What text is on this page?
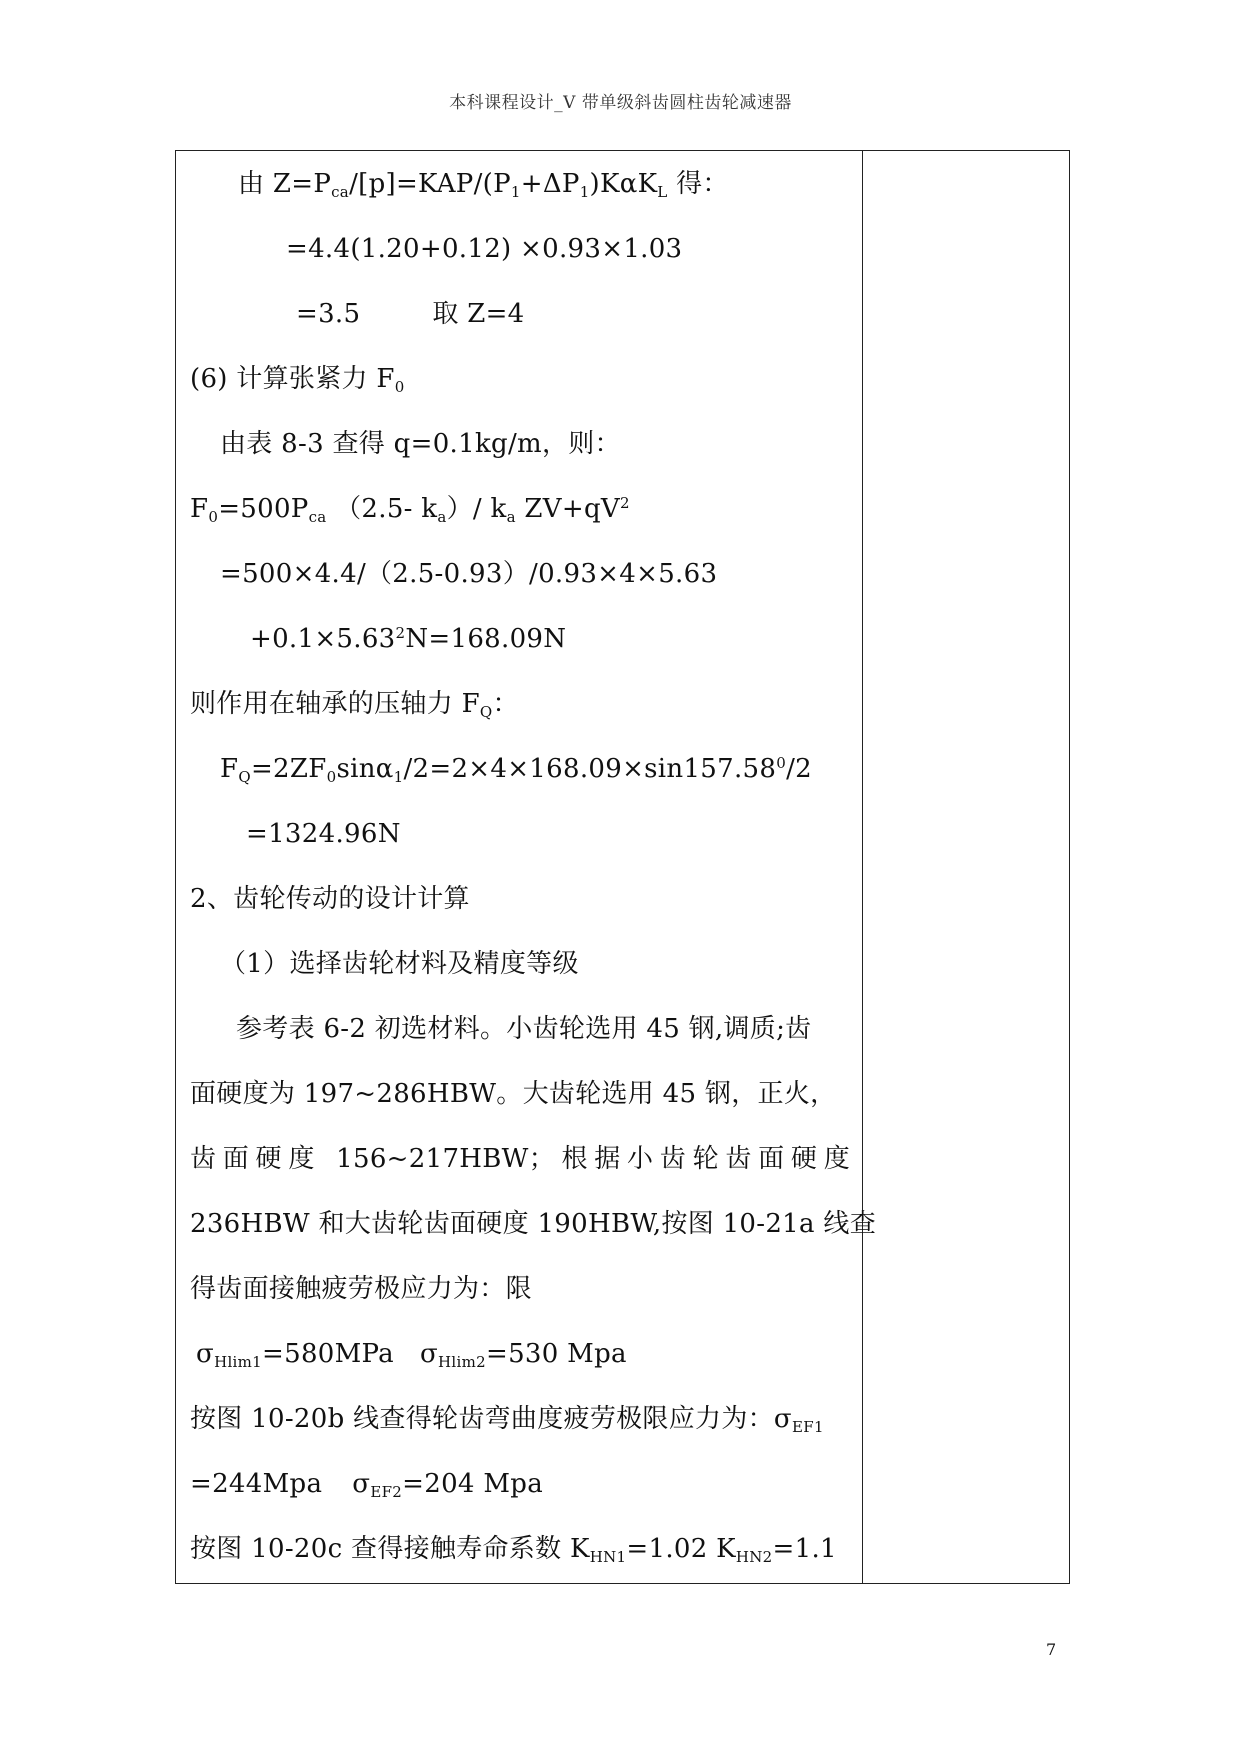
本科课程设计_V 带单级斜齿圆柱齿轮减速器
由 $Z=P_{ca}/[p]=KAP/(P_1+\Delta P_1)K\alpha K_L$ 得：
=4.4(1.20+0.12) ×0.93×1.03
=3.5	取 Z=4
(6) 计算张紧力 $F_0$
由表 8-3 查得 q=0.1kg/m，则：
$F_0=500P_{ca}$ （2.5- $k_a)/$ $k_a$ $ZV+qV^2$
=500×4.4/（2.5-0.93）/0.93×4×5.63
$+0.1\times 5.63^2N=168.09N$
则作用在轴承的压轴力 $F_Q$：
$F_Q=2ZF_0\sin\alpha_1/2=2\times 4\times 168.09\times\sin 157.58^0/2$
=1324.96N
2、齿轮传动的设计计算
（1）选择齿轮材料及精度等级
参考表 6-2 初选材料。小齿轮选用 45 钢,调质;齿
面硬度为 197~286HBW。大齿轮选用 45 钢，正火，
齿面硬度 156~217HBW；根据小齿轮齿面硬度
236HBW 和大齿轮齿面硬度 190HBW,按图 10-21a 线查
得齿面接触疲劳极应力为：限
$\sigma_{Hlim1}=580MPa$ $\sigma_{Hlim2}=530$ Mpa
按图 10-20b 线查得轮齿弯曲度疲劳极限应力为：$\sigma_{EF1}$
=244Mpa $\sigma_{EF2}=204$ Mpa
按图 10-20c 查得接触寿命系数 $K_{HN1}=1.02$ $K_{HN2}=1.1$
7
